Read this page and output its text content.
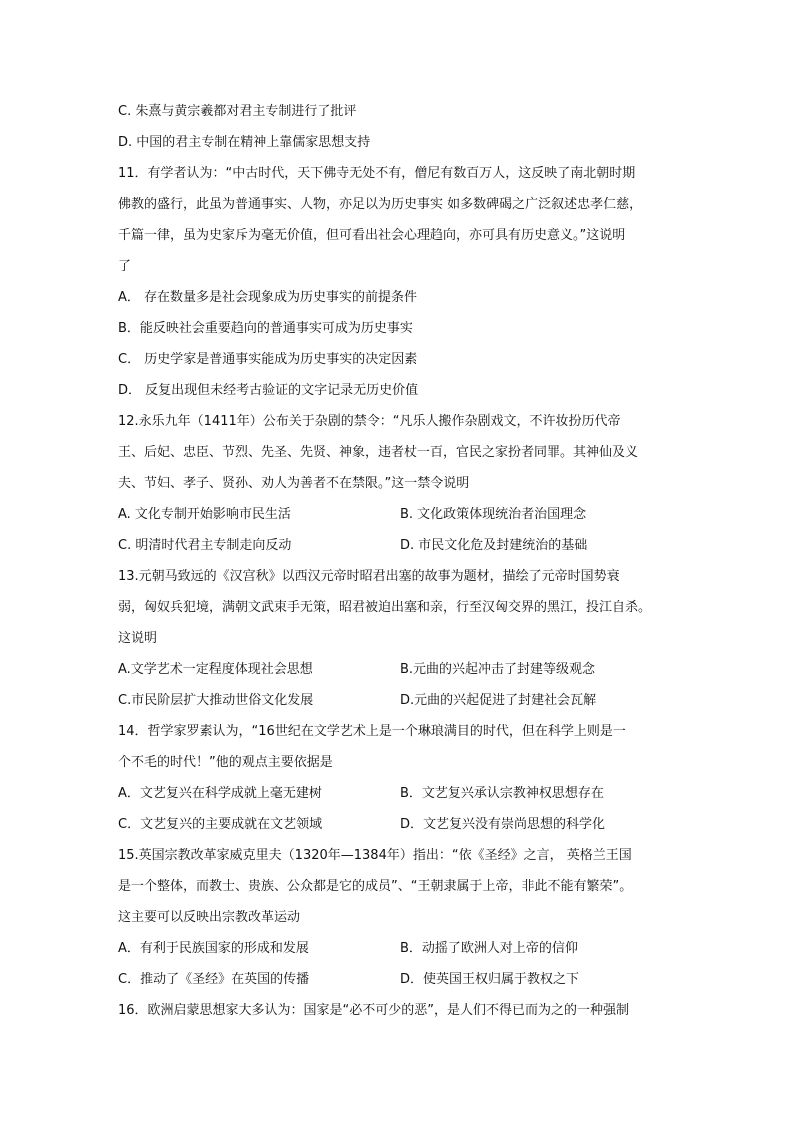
C. 朱熹与黄宗羲都对君主专制进行了批评
D. 中国的君主专制在精神上靠儒家思想支持
11．有学者认为：“中古时代，天下佛寺无处不有，僧尼有数百万人，这反映了南北朝时期
佛教的盛行，此虽为普通事实、人物，亦足以为历史事实 如多数碑碣之广泛叙述忠孝仁慈，
千篇一律，虽为史家斥为毫无价值，但可看出社会心理趋向，亦可具有历史意义。”这说明
了
A． 存在数量多是社会现象成为历史事实的前提条件
B．能反映社会重要趋向的普通事实可成为历史事实
C． 历史学家是普通事实能成为历史事实的决定因素
D． 反复出现但未经考古验证的文字记录无历史价值
12.永乐九年（1411年）公布关于杂剧的禁令：“凡乐人搬作杂剧戏文，不许妆扮历代帝
王、后妃、忠臣、节烈、先圣、先贤、神象，违者杖一百，官民之家扮者同罪。其神仙及义
夫、节妇、孝子、贤孙、劝人为善者不在禁限。”这一禁令说明
A. 文化专制开始影响市民生活	B. 文化政策体现统治者治国理念
C. 明清时代君主专制走向反动	D. 市民文化危及封建统治的基础
13.元朝马致远的《汉宫秋》以西汉元帝时昭君出塞的故事为题材，描绘了元帝时国势衰
弱，匈奴兵犯境，满朝文武束手无策，昭君被迫出塞和亲，行至汉匈交界的黑江，投江自杀。
这说明
A.文学艺术一定程度体现社会思想	B.元曲的兴起冲击了封建等级观念
C.市民阶层扩大推动世俗文化发展	D.元曲的兴起促进了封建社会瓦解
14．哲学家罗素认为，“16世纪在文学艺术上是一个琳琅满目的时代，但在科学上则是一
个不毛的时代！”他的观点主要依据是
A．文艺复兴在科学成就上毫无建树	B．文艺复兴承认宗教神权思想存在
C．文艺复兴的主要成就在文艺领域	D．文艺复兴没有崇尚思想的科学化
15.英国宗教改革家威克里夫（1320年—1384年）指出：“依《圣经》之言， 英格兰王国
是一个整体，而教士、贵族、公众都是它的成员”、“王朝隶属于上帝，非此不能有繁荣”。
这主要可以反映出宗教改革运动
A．有利于民族国家的形成和发展	B．动摇了欧洲人对上帝的信仰
C．推动了《圣经》在英国的传播	D．使英国王权归属于教权之下
16．欧洲启蒙思想家大多认为：国家是“必不可少的恶”，是人们不得已而为之的一种强制
